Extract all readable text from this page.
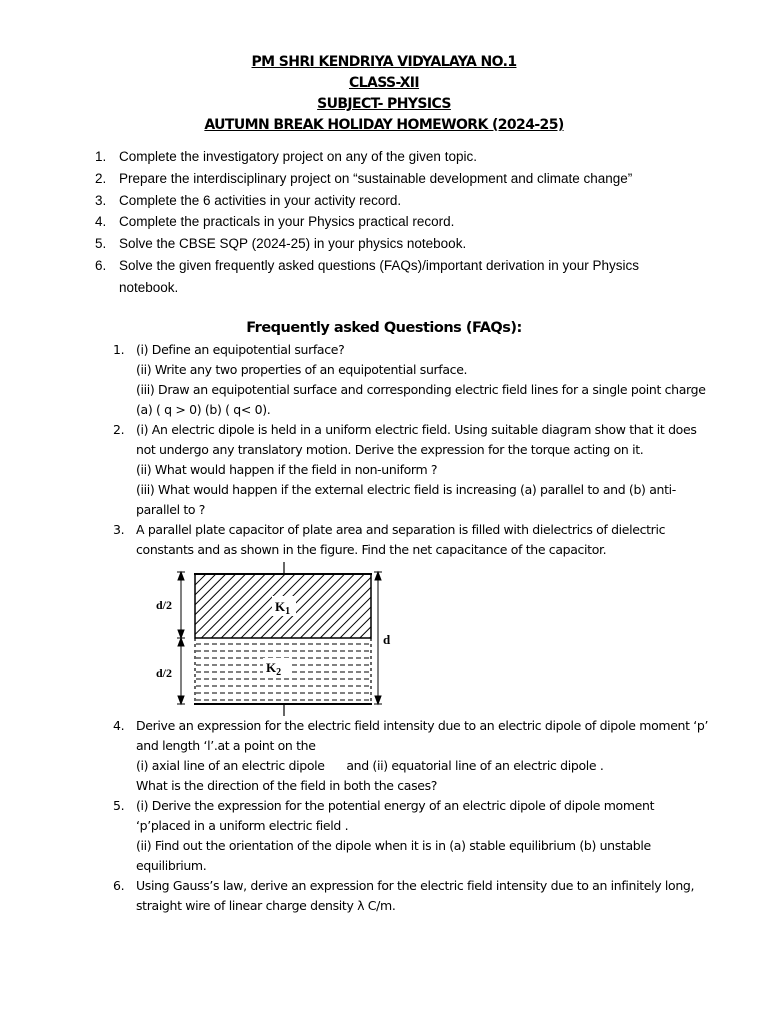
PM SHRI KENDRIYA VIDYALAYA NO.1
CLASS-XII
SUBJECT- PHYSICS
AUTUMN BREAK HOLIDAY HOMEWORK (2024-25)
1. Complete the investigatory project on any of the given topic.
2. Prepare the interdisciplinary project on “sustainable development and climate change”
3. Complete the 6 activities in your activity record.
4. Complete the practicals in your Physics practical record.
5. Solve the CBSE SQP (2024-25) in your physics notebook.
6. Solve the given frequently asked questions (FAQs)/important derivation in your Physics
notebook.
Frequently asked Questions (FAQs):
1. (i) Define an equipotential surface?
(ii) Write any two properties of an equipotential surface.
(iii) Draw an equipotential surface and corresponding electric field lines for a single point charge
(a) ( q > 0) (b) ( q< 0).
2. (i) An electric dipole is held in a uniform electric field. Using suitable diagram show that it does
not undergo any translatory motion. Derive the expression for the torque acting on it.
(ii) What would happen if the field in non-uniform ?
(iii) What would happen if the external electric field is increasing (a) parallel to and (b) anti-
parallel to ?
3. A parallel plate capacitor of plate area and separation is filled with dielectrics of dielectric
constants and as shown in the figure. Find the net capacitance of the capacitor.
d/2
d/2
d
$K_1$
$K_2$
4. Derive an expression for the electric field intensity due to an electric dipole of dipole moment ‘p’
and length ‘l’.at a point on the
(i) axial line of an electric dipole      and (ii) equatorial line of an electric dipole .
What is the direction of the field in both the cases?
5. (i) Derive the expression for the potential energy of an electric dipole of dipole moment
‘p’placed in a uniform electric field .
(ii) Find out the orientation of the dipole when it is in (a) stable equilibrium (b) unstable
equilibrium.
6. Using Gauss’s law, derive an expression for the electric field intensity due to an infinitely long,
straight wire of linear charge density λ C/m.
